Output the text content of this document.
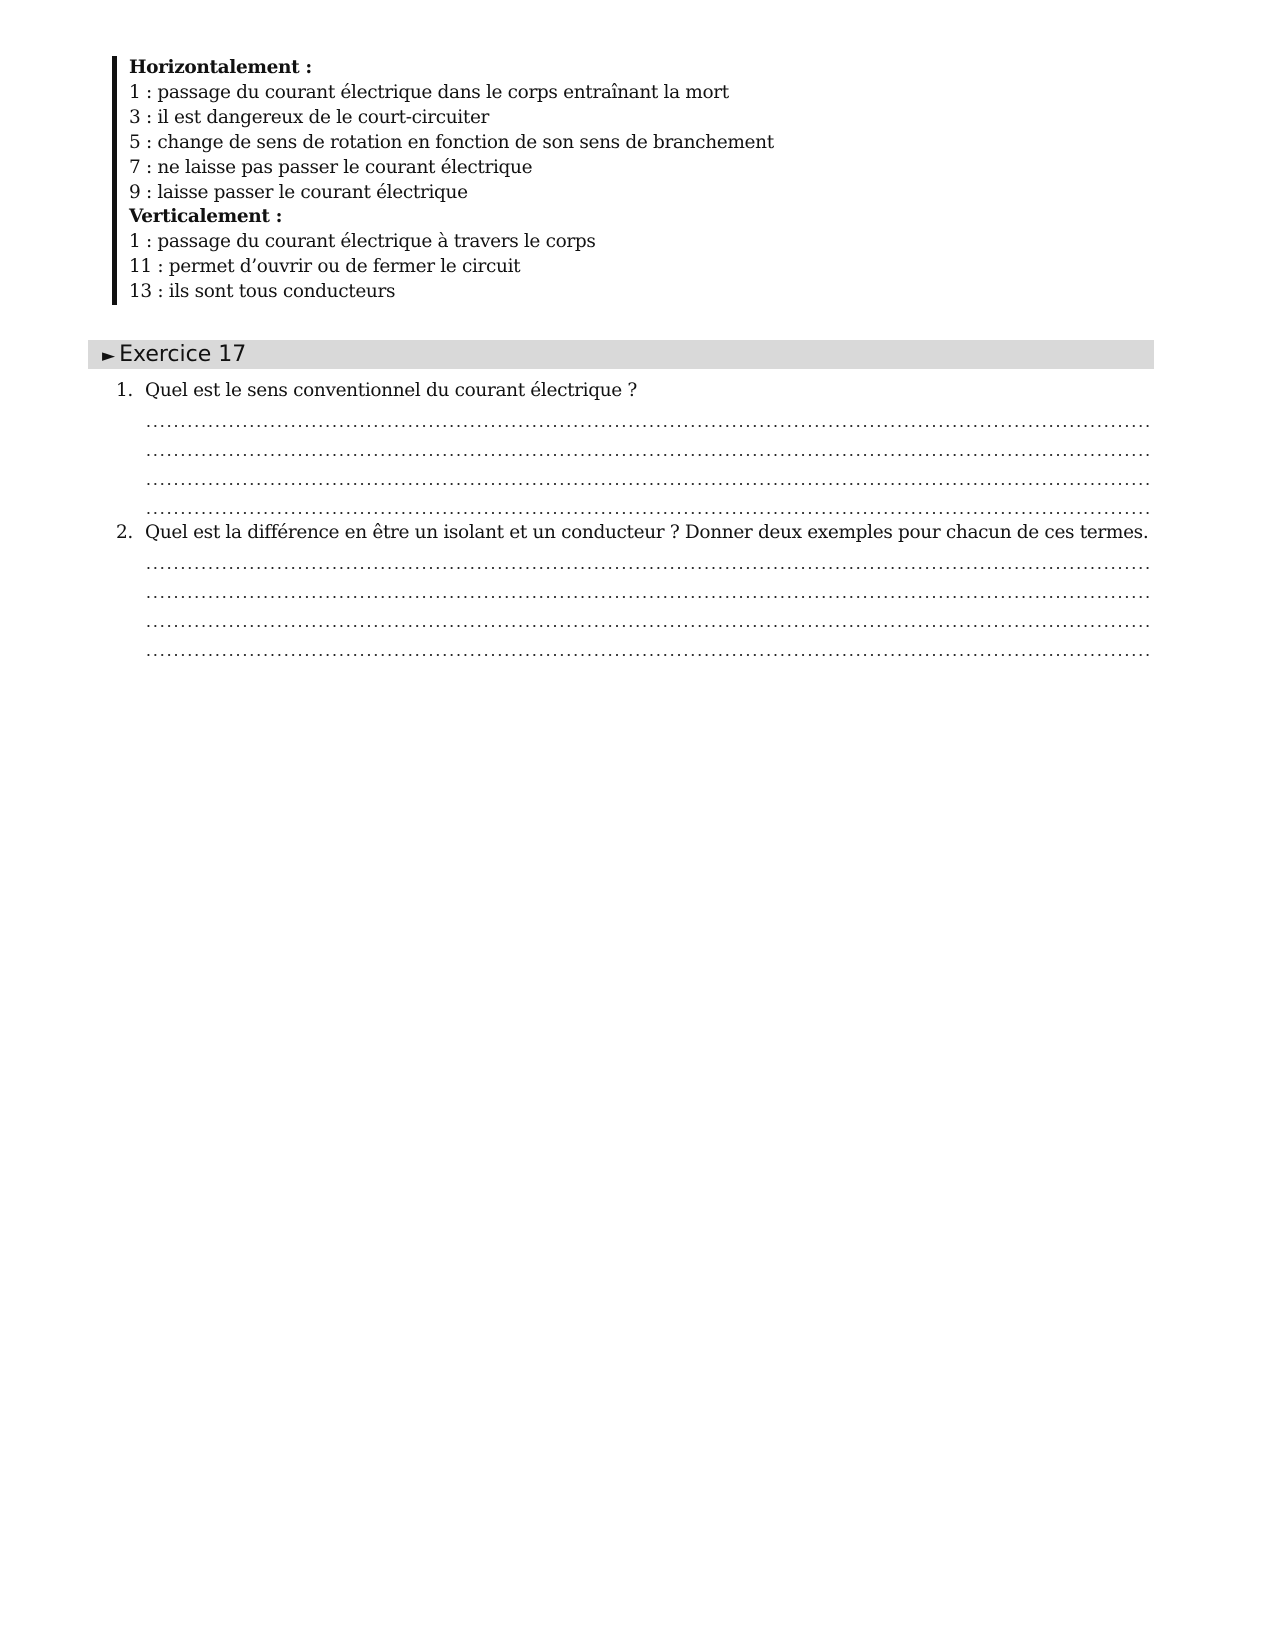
Horizontalement :
1 : passage du courant électrique dans le corps entraînant la mort
3 : il est dangereux de le court-circuiter
5 : change de sens de rotation en fonction de son sens de branchement
7 : ne laisse pas passer le courant électrique
9 : laisse passer le courant électrique
Verticalement :
1 : passage du courant électrique à travers le corps
11 : permet d’ouvrir ou de fermer le circuit
13 : ils sont tous conducteurs
► Exercice 17
1. Quel est le sens conventionnel du courant électrique ?
2. Quel est la différence en être un isolant et un conducteur ? Donner deux exemples pour chacun de ces termes.
